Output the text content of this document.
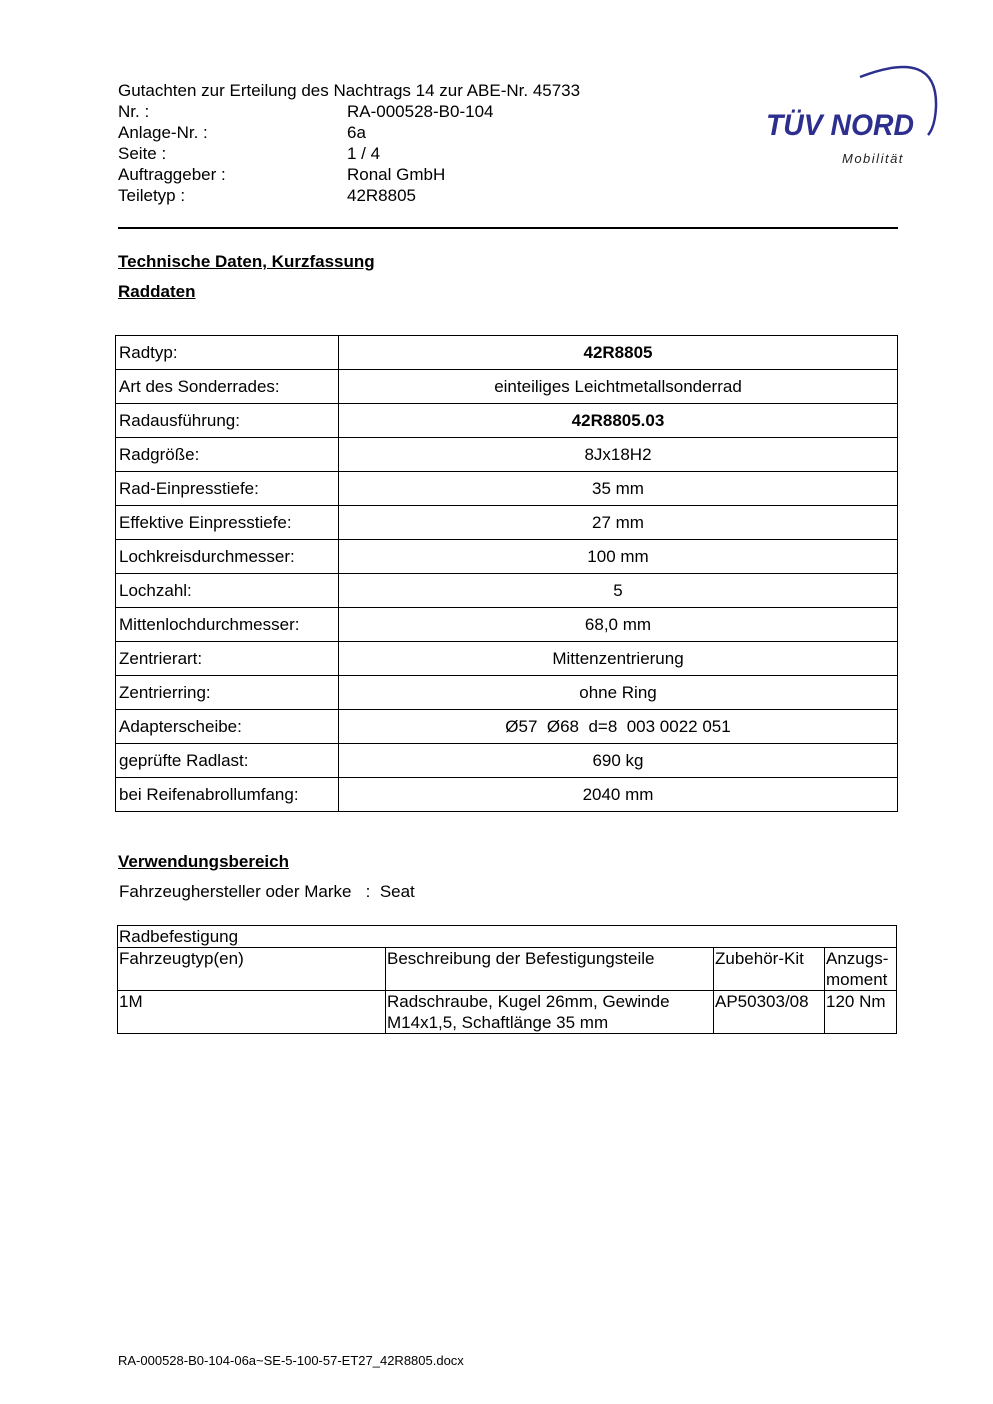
Gutachten zur Erteilung des Nachtrags 14 zur ABE-Nr. 45733
Nr. :	RA-000528-B0-104
Anlage-Nr. :	6a
Seite :	1 / 4
Auftraggeber :	Ronal GmbH
Teiletyp :	42R8805
TÜV NORD
Mobilität
Technische Daten, Kurzfassung
Raddaten
Radtyp:	42R8805
Art des Sonderrades:	einteiliges Leichtmetallsonderrad
Radausführung:	42R8805.03
Radgröße:	8Jx18H2
Rad-Einpresstiefe:	35 mm
Effektive Einpresstiefe:	27 mm
Lochkreisdurchmesser:	100 mm
Lochzahl:	5
Mittenlochdurchmesser:	68,0 mm
Zentrierart:	Mittenzentrierung
Zentrierring:	ohne Ring
Adapterscheibe:	Ø57  Ø68  d=8  003 0022 051
geprüfte Radlast:	690 kg
bei Reifenabrollumfang:	2040 mm
Verwendungsbereich
Fahrzeughersteller oder Marke : Seat
Radbefestigung			
Fahrzeugtyp(en)	Beschreibung der Befestigungsteile	Zubehör-Kit	Anzugs-
moment
1M	Radschraube, Kugel 26mm, Gewinde M14x1,5, Schaftlänge 35 mm	AP50303/08	120 Nm
RA-000528-B0-104-06a~SE-5-100-57-ET27_42R8805.docx
